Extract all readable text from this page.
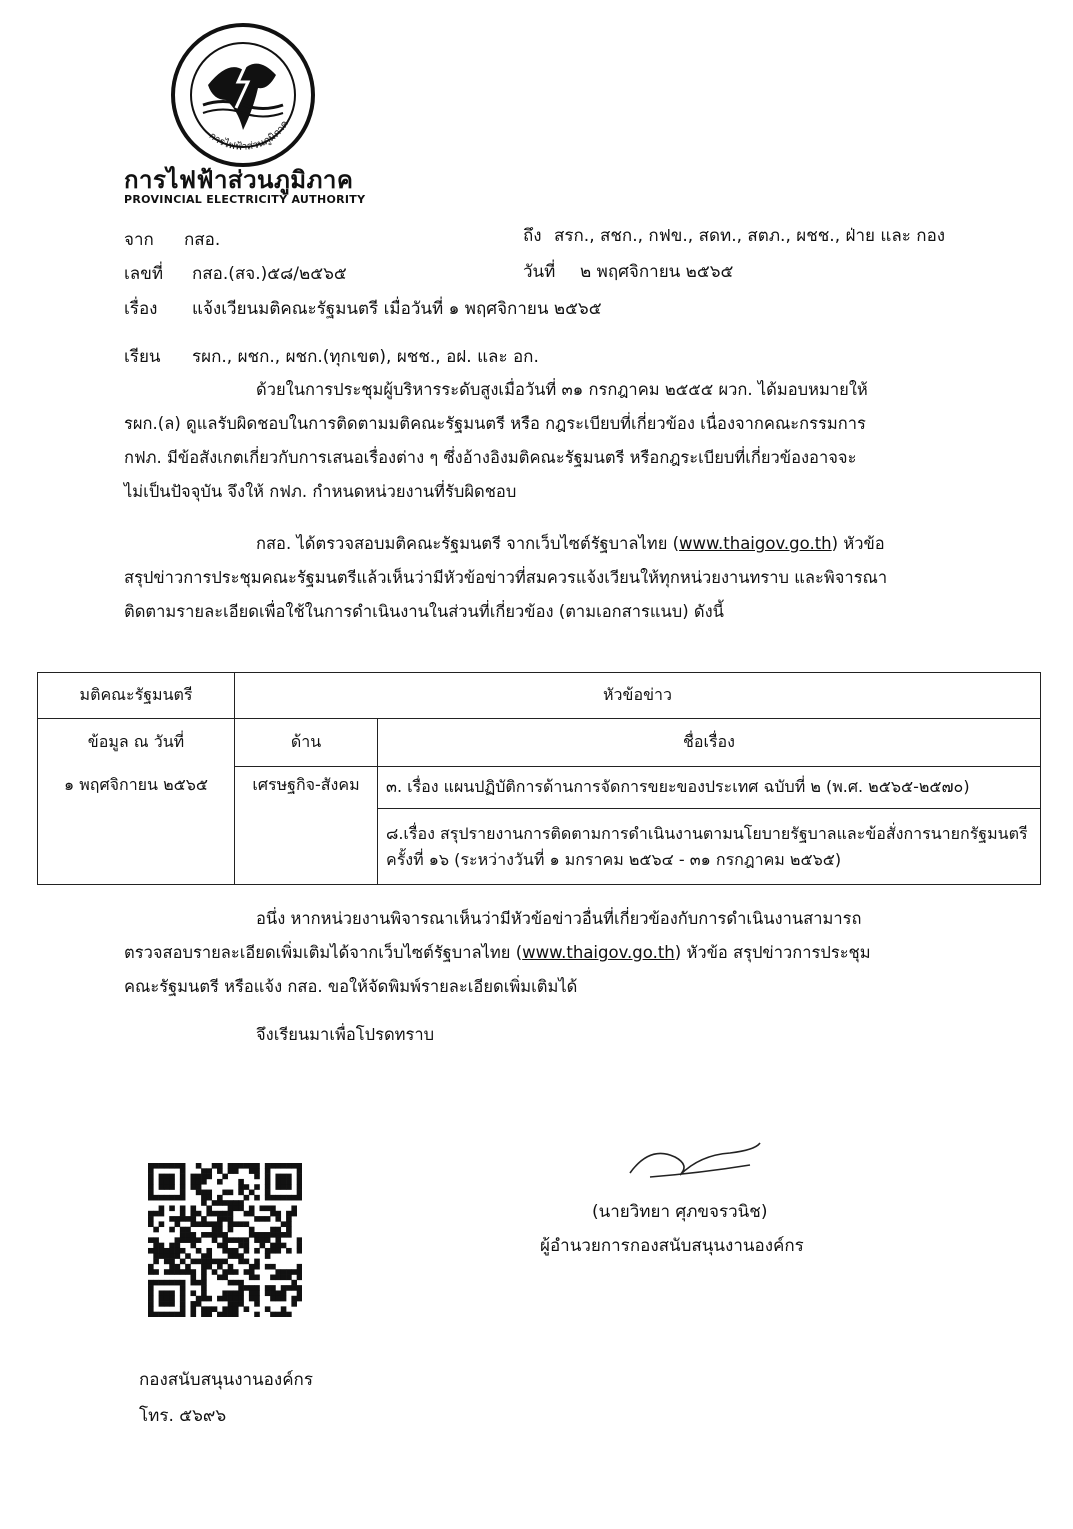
การไฟฟ้าส่วนภูมิภาค
การไฟฟ้าส่วนภูมิภาค
PROVINCIAL ELECTRICITY AUTHORITY
จาก กสอ.	ถึง สรก., สชก., กฟข., สดท., สตภ., ผชช., ฝ่าย และ กอง
เลขที่ กสอ.(สจ.)๕๘/๒๕๖๕	วันที่ ๒ พฤศจิกายน ๒๕๖๕
เรื่อง แจ้งเวียนมติคณะรัฐมนตรี เมื่อวันที่ ๑ พฤศจิกายน ๒๕๖๕
เรียน รผก., ผชก., ผชก.(ทุกเขต), ผชช., อฝ. และ อก.

ด้วยในการประชุมผู้บริหารระดับสูงเมื่อวันที่ ๓๑ กรกฎาคม ๒๕๕๕ ผวก. ได้มอบหมายให้

รผก.(ล) ดูแลรับผิดชอบในการติดตามมติคณะรัฐมนตรี หรือ กฎระเบียบที่เกี่ยวข้อง เนื่องจากคณะกรรมการ

กฟภ. มีข้อสังเกตเกี่ยวกับการเสนอเรื่องต่าง ๆ ซึ่งอ้างอิงมติคณะรัฐมนตรี หรือกฎระเบียบที่เกี่ยวข้องอาจจะ

ไม่เป็นปัจจุบัน จึงให้ กฟภ. กำหนดหน่วยงานที่รับผิดชอบ

กสอ. ได้ตรวจสอบมติคณะรัฐมนตรี จากเว็บไซต์รัฐบาลไทย (www.thaigov.go.th) หัวข้อ

สรุปข่าวการประชุมคณะรัฐมนตรีแล้วเห็นว่ามีหัวข้อข่าวที่สมควรแจ้งเวียนให้ทุกหน่วยงานทราบ และพิจารณา

ติดตามรายละเอียดเพื่อใช้ในการดำเนินงานในส่วนที่เกี่ยวข้อง (ตามเอกสารแนบ) ดังนี้

มติคณะรัฐมนตรี	หัวข้อข่าว	
ข้อมูล ณ วันที่	ด้าน	ชื่อเรื่อง
๑ พฤศจิกายน ๒๕๖๕	เศรษฐกิจ-สังคม	๓. เรื่อง แผนปฏิบัติการด้านการจัดการขยะของประเทศ ฉบับที่ ๒ (พ.ศ. ๒๕๖๕-๒๕๗๐)

		๘.เรื่อง สรุปรายงานการติดตามการดำเนินงานตามนโยบายรัฐบาลและข้อสั่งการนายกรัฐมนตรี
ครั้งที่ ๑๖ (ระหว่างวันที่ ๑ มกราคม ๒๕๖๔ - ๓๑ กรกฎาคม ๒๕๖๕)

อนึ่ง หากหน่วยงานพิจารณาเห็นว่ามีหัวข้อข่าวอื่นที่เกี่ยวข้องกับการดำเนินงานสามารถ

ตรวจสอบรายละเอียดเพิ่มเติมได้จากเว็บไซต์รัฐบาลไทย (www.thaigov.go.th) หัวข้อ สรุปข่าวการประชุม

คณะรัฐมนตรี หรือแจ้ง กสอ. ขอให้จัดพิมพ์รายละเอียดเพิ่มเติมได้

จึงเรียนมาเพื่อโปรดทราบ
(นายวิทยา ศุภขจรวนิช)
ผู้อำนวยการกองสนับสนุนงานองค์กร
กองสนับสนุนงานองค์กร
โทร. ๕๖๙๖
